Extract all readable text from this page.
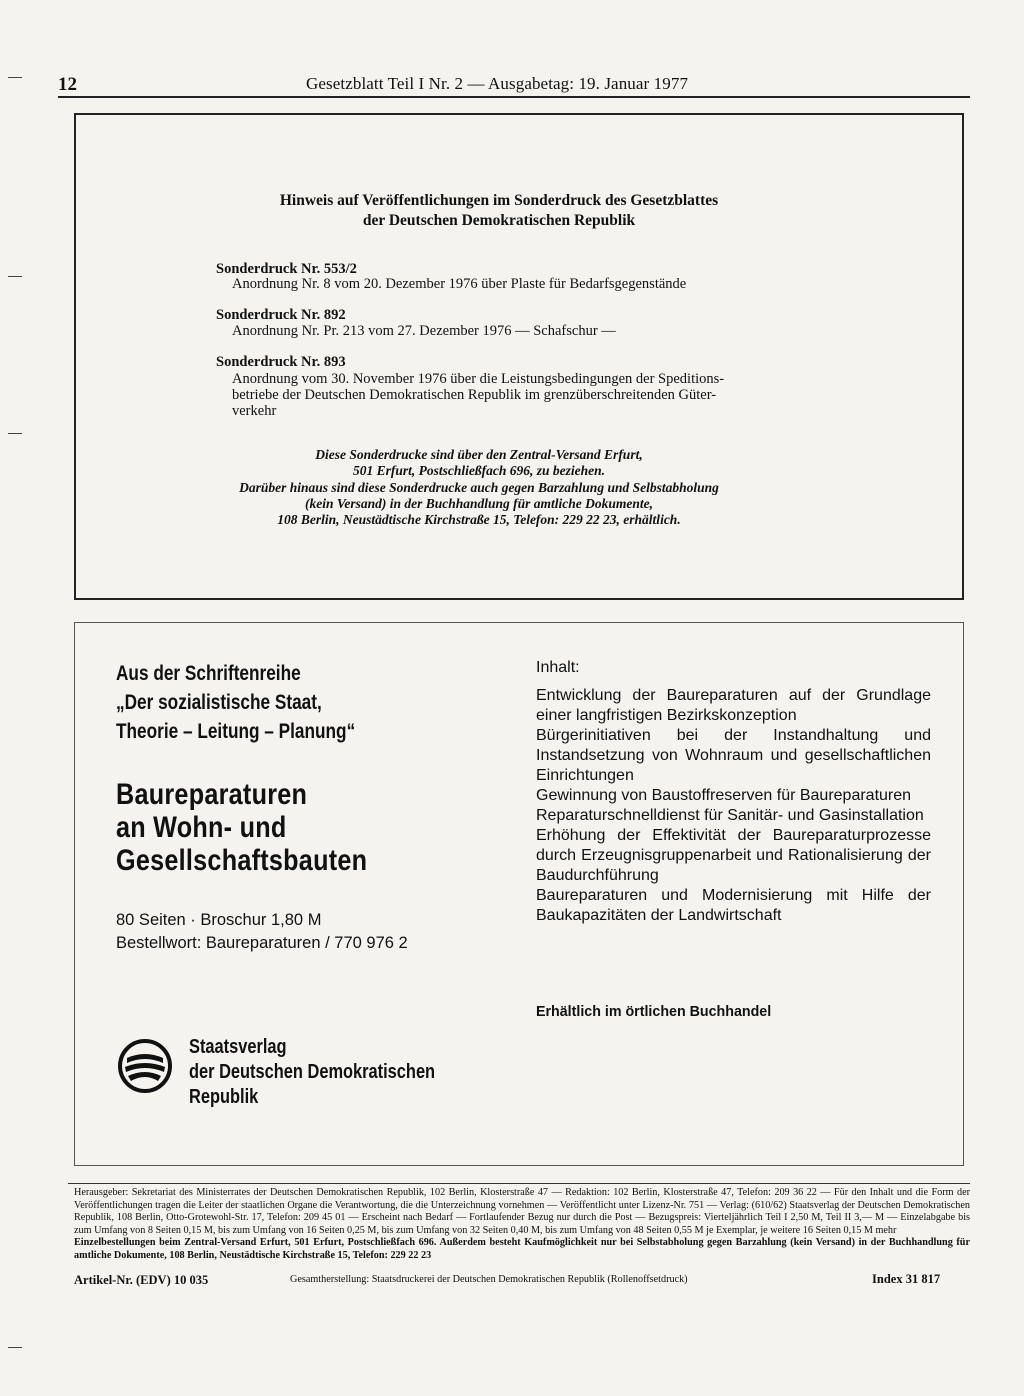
12	Gesetzblatt Teil I Nr. 2 — Ausgabetag: 19. Januar 1977
Hinweis auf Veröffentlichungen im Sonderdruck des Gesetzblattes
der Deutschen Demokratischen Republik
Sonderdruck Nr. 553/2
Anordnung Nr. 8 vom 20. Dezember 1976 über Plaste für Bedarfsgegenstände
Sonderdruck Nr. 892
Anordnung Nr. Pr. 213 vom 27. Dezember 1976 — Schafschur —
Sonderdruck Nr. 893
Anordnung vom 30. November 1976 über die Leistungsbedingungen der Speditions-
betriebe der Deutschen Demokratischen Republik im grenzüberschreitenden Güter-
verkehr
Diese Sonderdrucke sind über den Zentral-Versand Erfurt,
501 Erfurt, Postschließfach 696, zu beziehen.
Darüber hinaus sind diese Sonderdrucke auch gegen Barzahlung und Selbstabholung
(kein Versand) in der Buchhandlung für amtliche Dokumente,
108 Berlin, Neustädtische Kirchstraße 15, Telefon: 229 22 23, erhältlich.
Aus der Schriftenreihe
„Der sozialistische Staat,
Theorie – Leitung – Planung“
Baureparaturen
an Wohn- und
Gesellschaftsbauten
80 Seiten · Broschur 1,80 M
Bestellwort: Baureparaturen / 770 976 2
Inhalt:
Entwicklung der Baureparaturen auf der Grundlage einer langfristigen Bezirkskonzeption
Bürgerinitiativen bei der Instandhaltung und Instandsetzung von Wohnraum und gesellschaftlichen Einrichtungen
Gewinnung von Baustoffreserven für Baureparaturen
Reparaturschnelldienst für Sanitär- und Gasinstallation
Erhöhung der Effektivität der Baureparaturprozesse durch Erzeugnisgruppenarbeit und Rationalisierung der Baudurchführung
Baureparaturen und Modernisierung mit Hilfe der Baukapazitäten der Landwirtschaft
Erhältlich im örtlichen Buchhandel
Staatsverlag
der Deutschen Demokratischen
Republik

Herausgeber: Sekretariat des Ministerrates der Deutschen Demokratischen Republik, 102 Berlin, Klosterstraße 47 — Redaktion: 102 Berlin, Klosterstraße 47, Telefon: 209 36 22 — Für den Inhalt und die Form der Veröffentlichungen tragen die Leiter der staatlichen Organe die Verantwortung, die die Unterzeichnung vornehmen — Veröffentlicht unter Lizenz-Nr. 751 — Verlag: (610/62) Staatsverlag der Deutschen Demokratischen Republik, 108 Berlin, Otto-Grotewohl-Str. 17, Telefon: 209 45 01 — Erscheint nach Bedarf — Fortlaufender Bezug nur durch die Post — Bezugspreis: Vierteljährlich Teil I 2,50 M, Teil II 3,— M — Einzelabgabe bis zum Umfang von 8 Seiten 0,15 M, bis zum Umfang von 16 Seiten 0,25 M, bis zum Umfang von 32 Seiten 0,40 M, bis zum Umfang von 48 Seiten 0,55 M je Exemplar, je weitere 16 Seiten 0,15 M mehr

Einzelbestellungen beim Zentral-Versand Erfurt, 501 Erfurt, Postschließfach 696. Außerdem besteht Kaufmöglichkeit nur bei Selbstabholung gegen Barzahlung (kein Versand) in der Buchhandlung für amtliche Dokumente, 108 Berlin, Neustädtische Kirchstraße 15, Telefon: 229 22 23

Artikel-Nr. (EDV) 10 035	Gesamtherstellung: Staatsdruckerei der Deutschen Demokratischen Republik (Rollenoffsetdruck)	Index 31 817
